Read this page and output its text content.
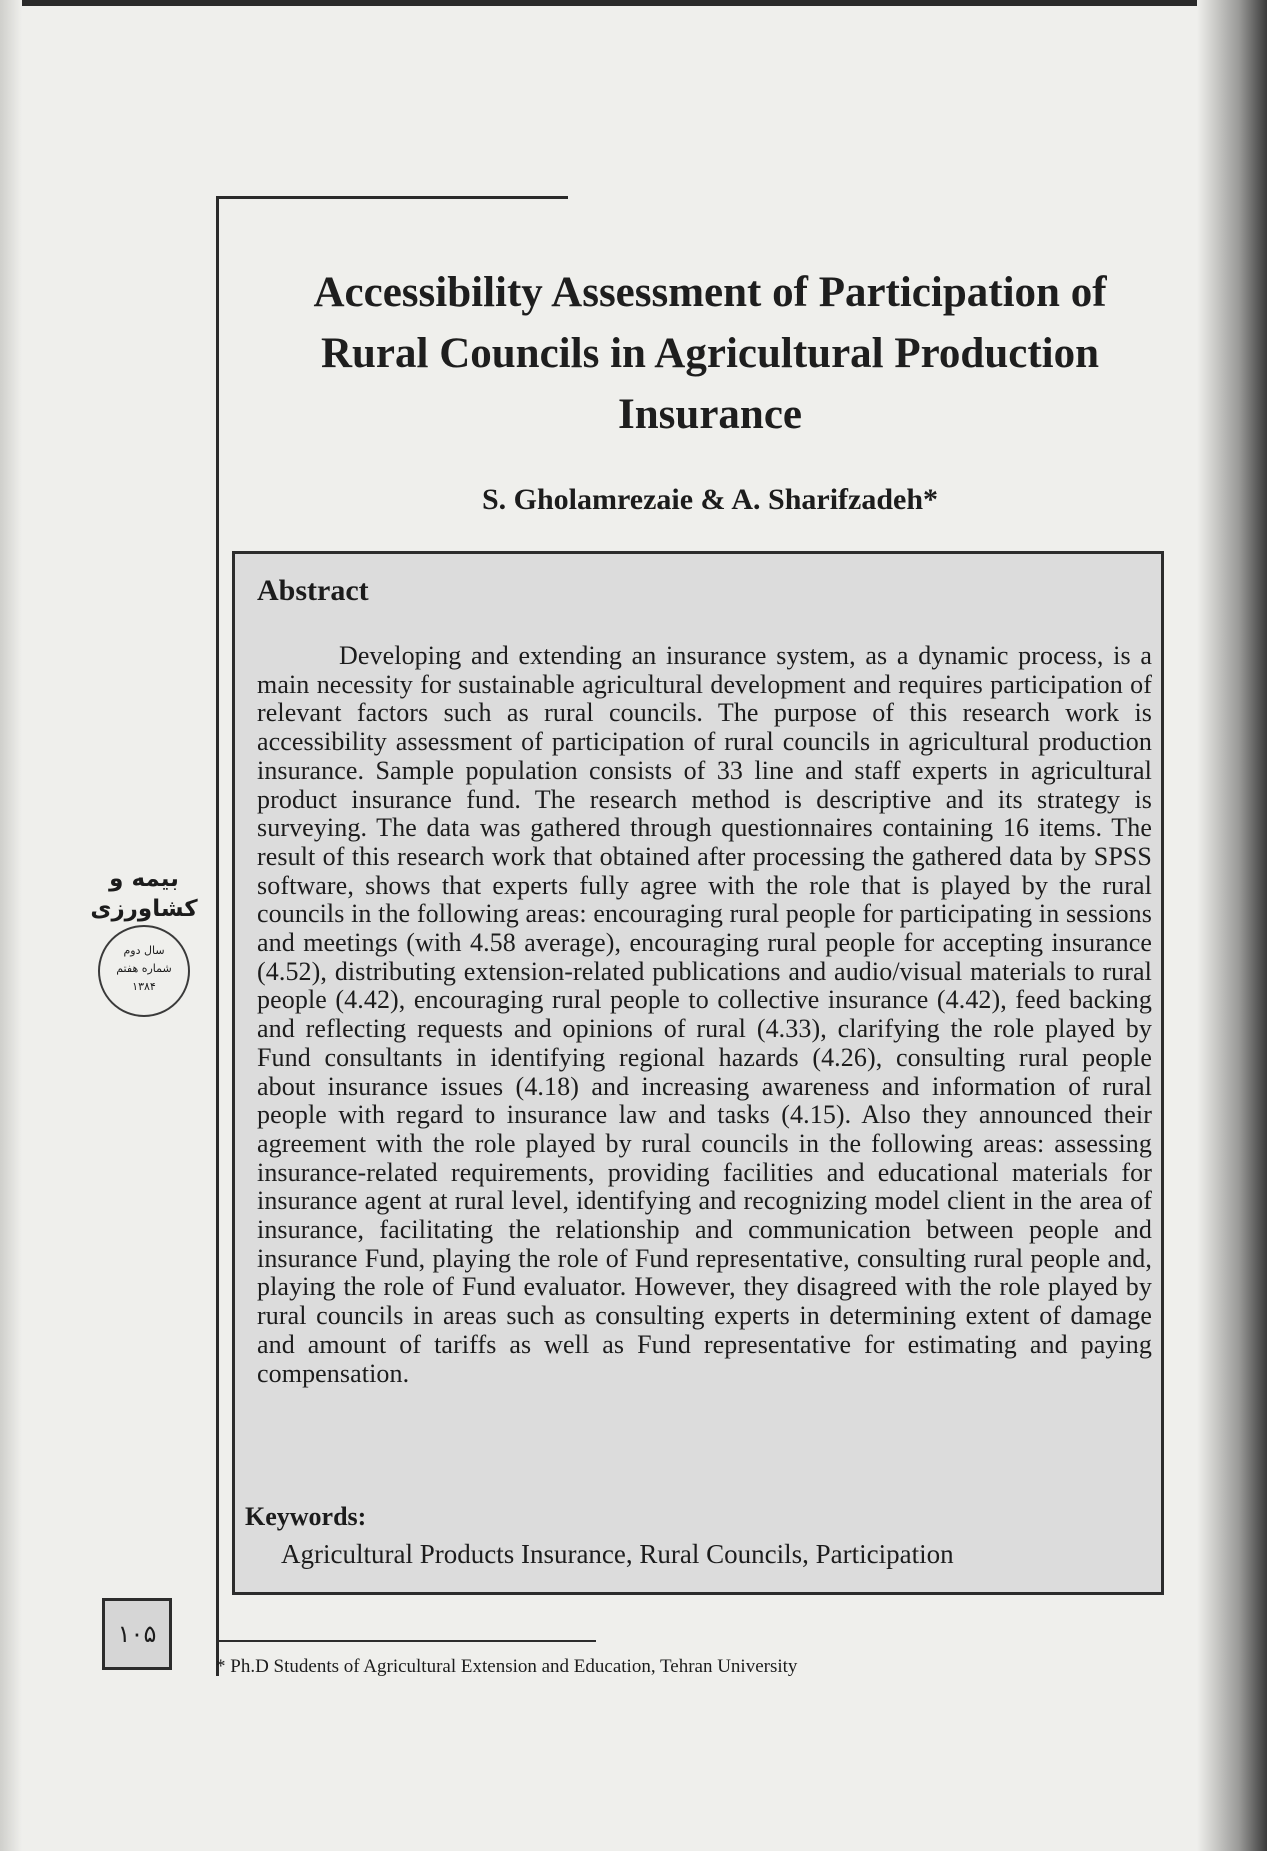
Accessibility Assessment of Participation of Rural Councils in Agricultural Production Insurance

S. Gholamrezaie & A. Sharifzadeh*

Abstract

Developing and extending an insurance system, as a dynamic process, is a main necessity for sustainable agricultural development and requires participation of relevant factors such as rural councils. The purpose of this research work is accessibility assessment of participation of rural councils in agricultural production insurance. Sample population consists of 33 line and staff experts in agricultural product insurance fund. The research method is descriptive and its strategy is surveying. The data was gathered through questionnaires containing 16 items. The result of this research work that obtained after processing the gathered data by SPSS software, shows that experts fully agree with the role that is played by the rural councils in the following areas: encouraging rural people for participating in sessions and meetings (with 4.58 average), encouraging rural people for accepting insurance (4.52), distributing extension-related publications and audio/visual materials to rural people (4.42), encouraging rural people to collective insurance (4.42), feed backing and reflecting requests and opinions of rural (4.33), clarifying the role played by Fund consultants in identifying regional hazards (4.26), consulting rural people about insurance issues (4.18) and increasing awareness and information of rural people with regard to insurance law and tasks (4.15). Also they announced their agreement with the role played by rural councils in the following areas: assessing insurance-related requirements, providing facilities and educational materials for insurance agent at rural level, identifying and recognizing model client in the area of insurance, facilitating the relationship and communication between people and insurance Fund, playing the role of Fund representative, consulting rural people and, playing the role of Fund evaluator. However, they disagreed with the role played by rural councils in areas such as consulting experts in determining extent of damage and amount of tariffs as well as Fund representative for estimating and paying compensation.

Keywords:

Agricultural Products Insurance, Rural Councils, Participation

بیمه و
کشاورزی
سال دوم
شماره هفتم
۱۳۸۴
۱۰۵

* Ph.D Students of Agricultural Extension and Education, Tehran University
